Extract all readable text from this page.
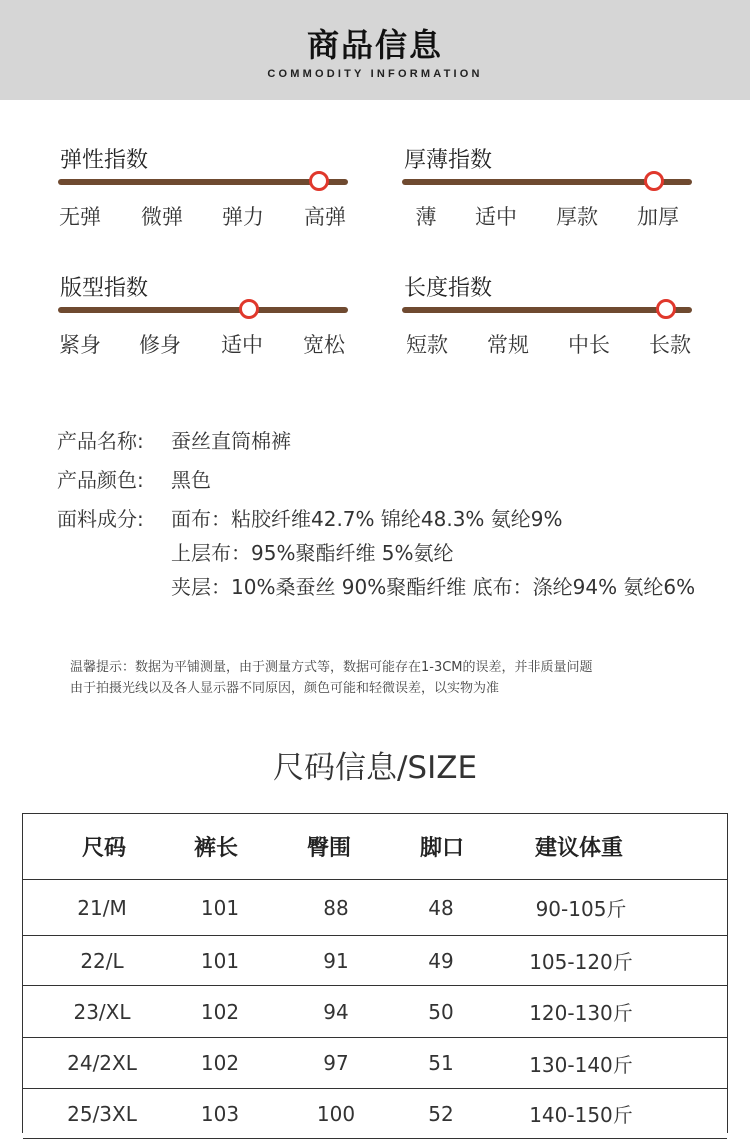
商品信息
COMMODITY INFORMATION
弹性指数
无弹 微弹 弹力 高弹
厚薄指数
薄 适中 厚款 加厚
版型指数
紧身 修身 适中 宽松
长度指数
短款 常规 中长 长款
产品名称: 蚕丝直筒棉裤
产品颜色: 黑色
面料成分: 面布：粘胶纤维42.7% 锦纶48.3% 氨纶9%
上层布：95%聚酯纤维 5%氨纶
夹层：10%桑蚕丝 90%聚酯纤维 底布：涤纶94% 氨纶6%
温馨提示：数据为平铺测量，由于测量方式等，数据可能存在1-3CM的误差，并非质量问题
由于拍摄光线以及各人显示器不同原因，颜色可能和轻微误差，以实物为准
尺码信息/SIZE
尺码	裤长	臀围	脚口	建议体重
21/M	101	88	48	90-105斤
22/L	101	91	49	105-120斤
23/XL	102	94	50	120-130斤
24/2XL	102	97	51	130-140斤
25/3XL	103	100	52	140-150斤
